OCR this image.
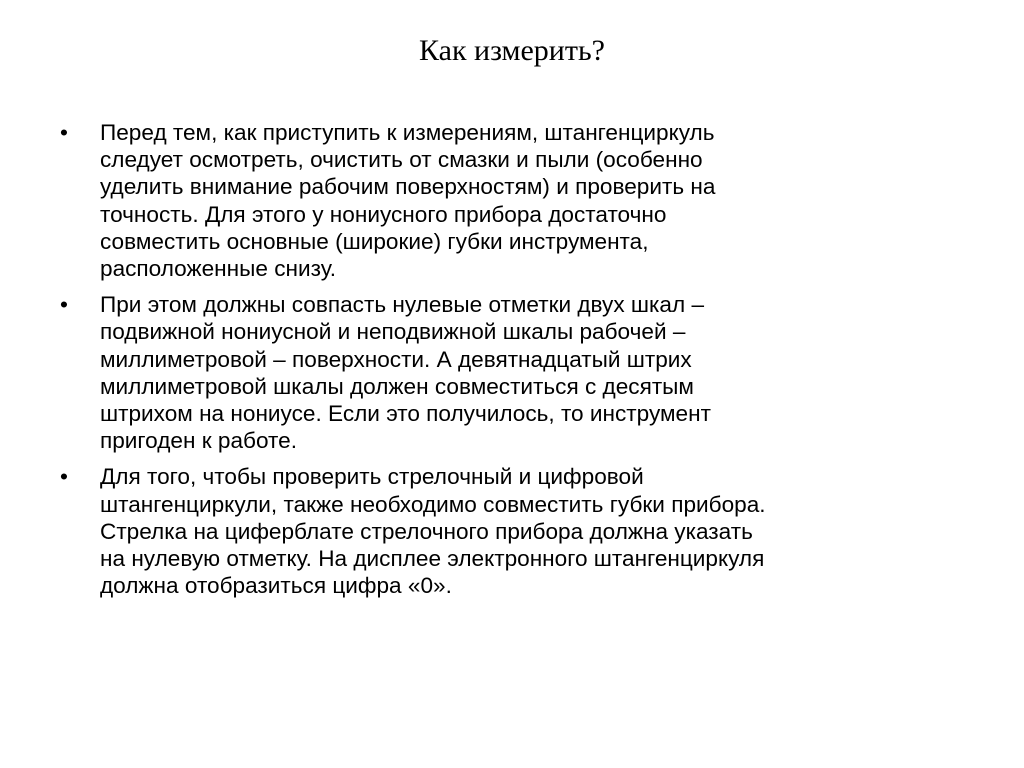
Как измерить?
•	Перед тем, как приступить к измерениям, штангенциркуль
следует осмотреть, очистить от смазки и пыли (особенно
уделить внимание рабочим поверхностям) и проверить на
точность. Для этого у нониусного прибора достаточно
совместить основные (широкие) губки инструмента,
расположенные снизу.
•	При этом должны совпасть нулевые отметки двух шкал –
подвижной нониусной и неподвижной шкалы рабочей –
миллиметровой – поверхности. А девятнадцатый штрих
миллиметровой шкалы должен совместиться с десятым
штрихом на нониусе. Если это получилось, то инструмент
пригоден к работе.
•	Для того, чтобы проверить стрелочный и цифровой
штангенциркули, также необходимо совместить губки прибора.
Стрелка на циферблате стрелочного прибора должна указать
на нулевую отметку. На дисплее электронного штангенциркуля
должна отобразиться цифра «0».
